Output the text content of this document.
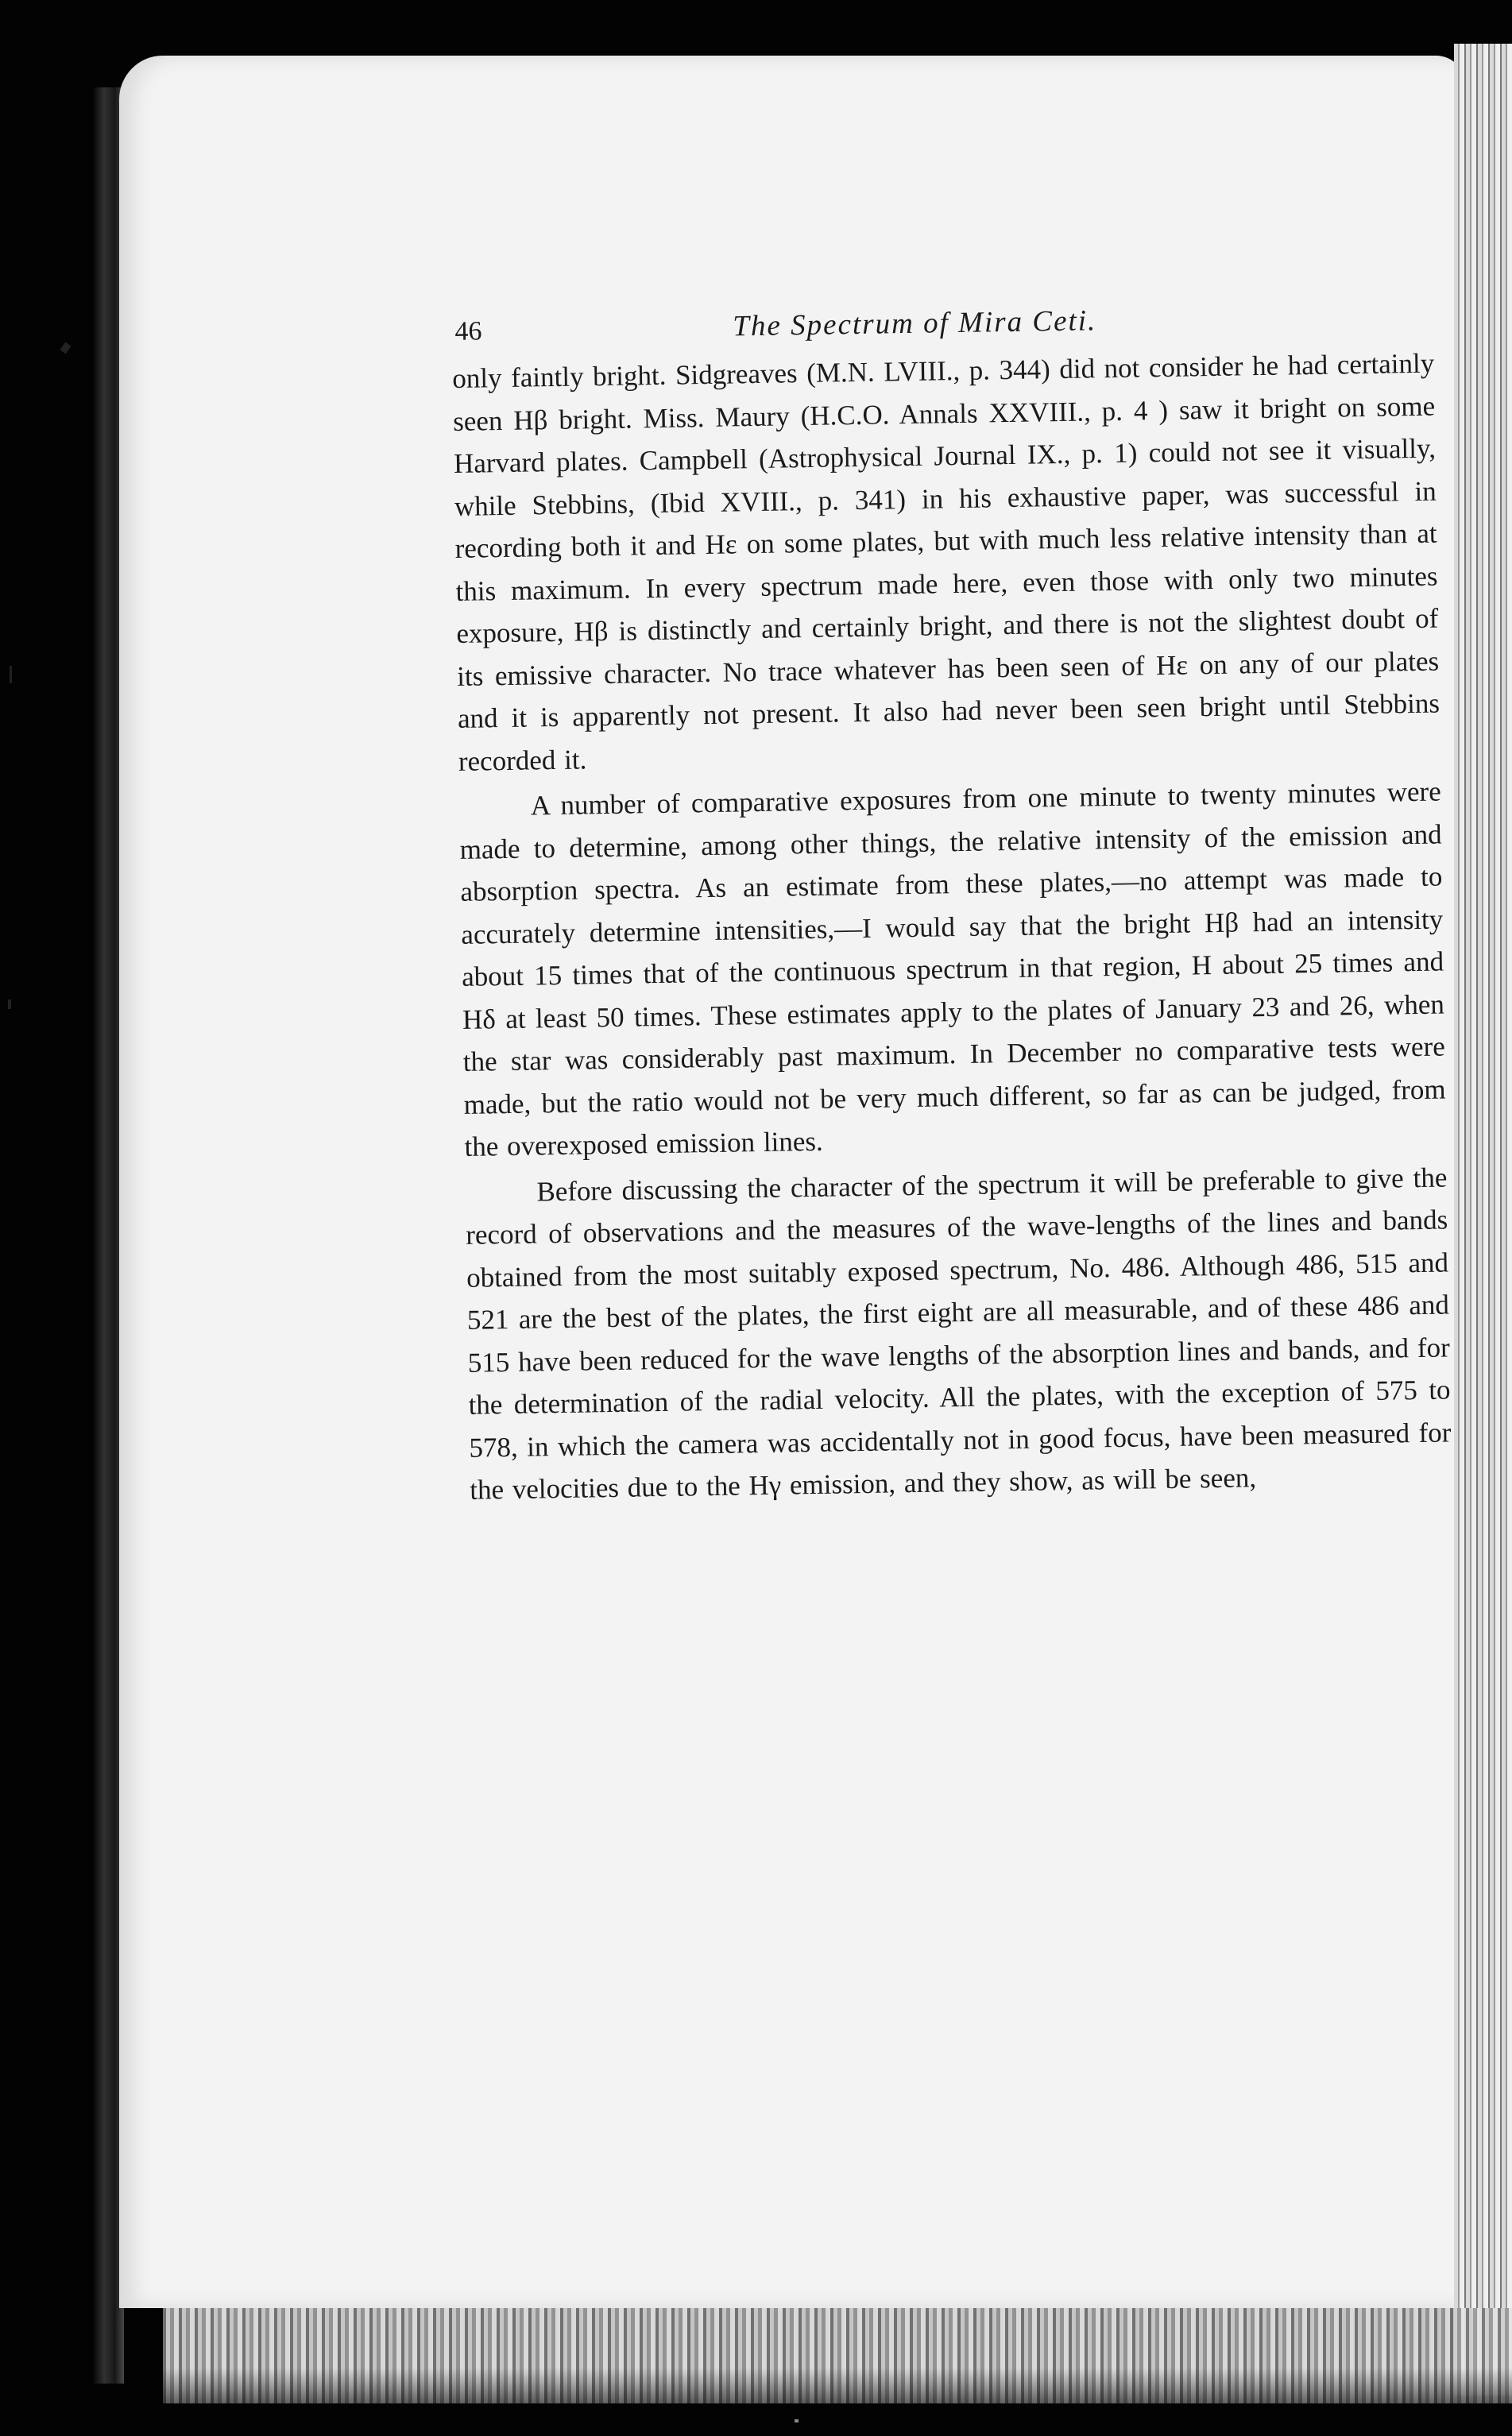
46	The Spectrum of Mira Ceti.

only faintly bright. Sidgreaves (M.N. LVIII., p. 344) did not consider he had certainly seen Hβ bright. Miss. Maury (H.C.O. Annals XXVIII., p. 4 ) saw it bright on some Harvard plates. Campbell (Astrophysical Journal IX., p. 1) could not see it visually, while Stebbins, (Ibid XVIII., p. 341) in his exhaustive paper, was successful in recording both it and Hε on some plates, but with much less relative intensity than at this maximum. In every spectrum made here, even those with only two minutes exposure, Hβ is distinctly and certainly bright, and there is not the slightest doubt of its emissive character. No trace whatever has been seen of Hε on any of our plates and it is apparently not present. It also had never been seen bright until Stebbins recorded it.

A number of comparative exposures from one minute to twenty minutes were made to determine, among other things, the relative intensity of the emission and absorption spectra. As an estimate from these plates,—no attempt was made to accurately determine intensities,—I would say that the bright Hβ had an intensity about 15 times that of the continuous spectrum in that region, H about 25 times and Hδ at least 50 times. These estimates apply to the plates of January 23 and 26, when the star was considerably past maximum. In December no comparative tests were made, but the ratio would not be very much different, so far as can be judged, from the overexposed emission lines.

Before discussing the character of the spectrum it will be preferable to give the record of observations and the measures of the wave-lengths of the lines and bands obtained from the most suitably exposed spectrum, No. 486. Although 486, 515 and 521 are the best of the plates, the first eight are all measurable, and of these 486 and 515 have been reduced for the wave lengths of the absorption lines and bands, and for the determination of the radial velocity. All the plates, with the exception of 575 to 578, in which the camera was accidentally not in good focus, have been measured for the velocities due to the Hγ emission, and they show, as will be seen,
